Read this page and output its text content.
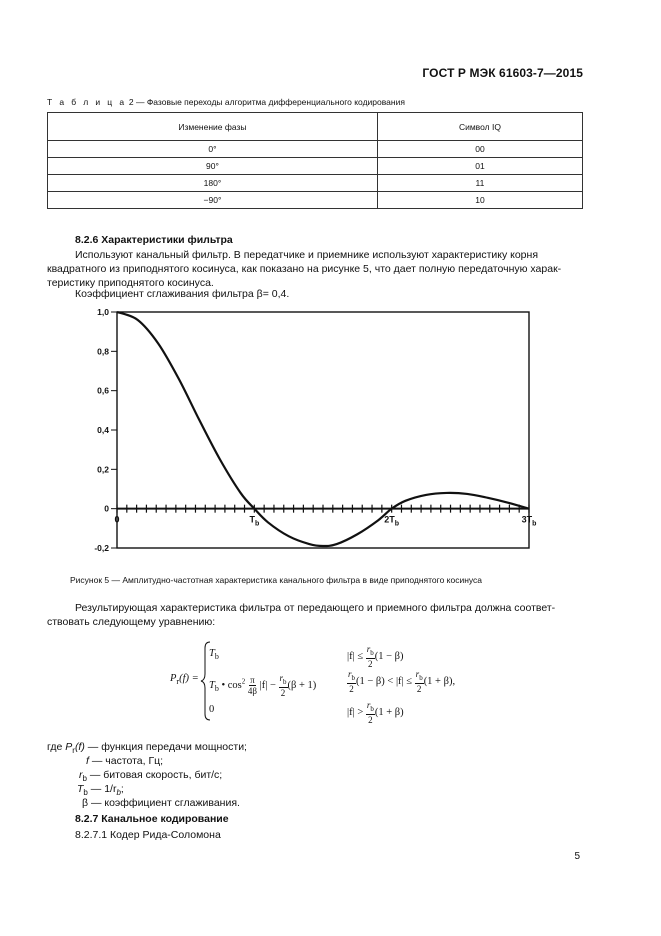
ГОСТ Р МЭК 61603-7—2015
Т а б л и ц а 2 — Фазовые переходы алгоритма дифференциального кодирования
Изменение фазы	Символ IQ
0°	00
90°	01
180°	11
−90°	10
8.2.6 Характеристики фильтра
Используют канальный фильтр. В передатчике и приемнике используют характеристику корня
квадратного из приподнятого косинуса, как показано на рисунке 5, что дает полную передаточную харак-
теристику приподнятого косинуса.
Коэффициент сглаживания фильтра β= 0,4.
1,0
0,8
0,6
0,4
0,2
0
-0,2
0	$T_b$	$2T_b$	$3T_b$
Рисунок 5 — Амплитудно-частотная характеристика канального фильтра в виде приподнятого косинуса
Результирующая характеристика фильтра от передающего и приемного фильтра должна соответ-
ствовать следующему уравнению:
$P_r(f)$ =
$T_b$	$|f| \le \frac{r_b}{2} (1 - \beta)$
$T_b$ • $\cos^2 \frac{\pi}{4\beta} |f| - \frac{r_b}{2} (\beta + 1)$	$\frac{r_b}{2} (1 - \beta) < |f| \le \frac{r_b}{2} (1 + \beta)$,
0	$|f| > \frac{r_b}{2} (1 + \beta)$
где $P_r(f)$ — функция передачи мощности;
f — частота, Гц;
$r_b$ — битовая скорость, бит/с;
$T_b$ — $1/r_b$;
β — коэффициент сглаживания.
8.2.7 Канальное кодирование
8.2.7.1 Кодер Рида-Соломона
5
